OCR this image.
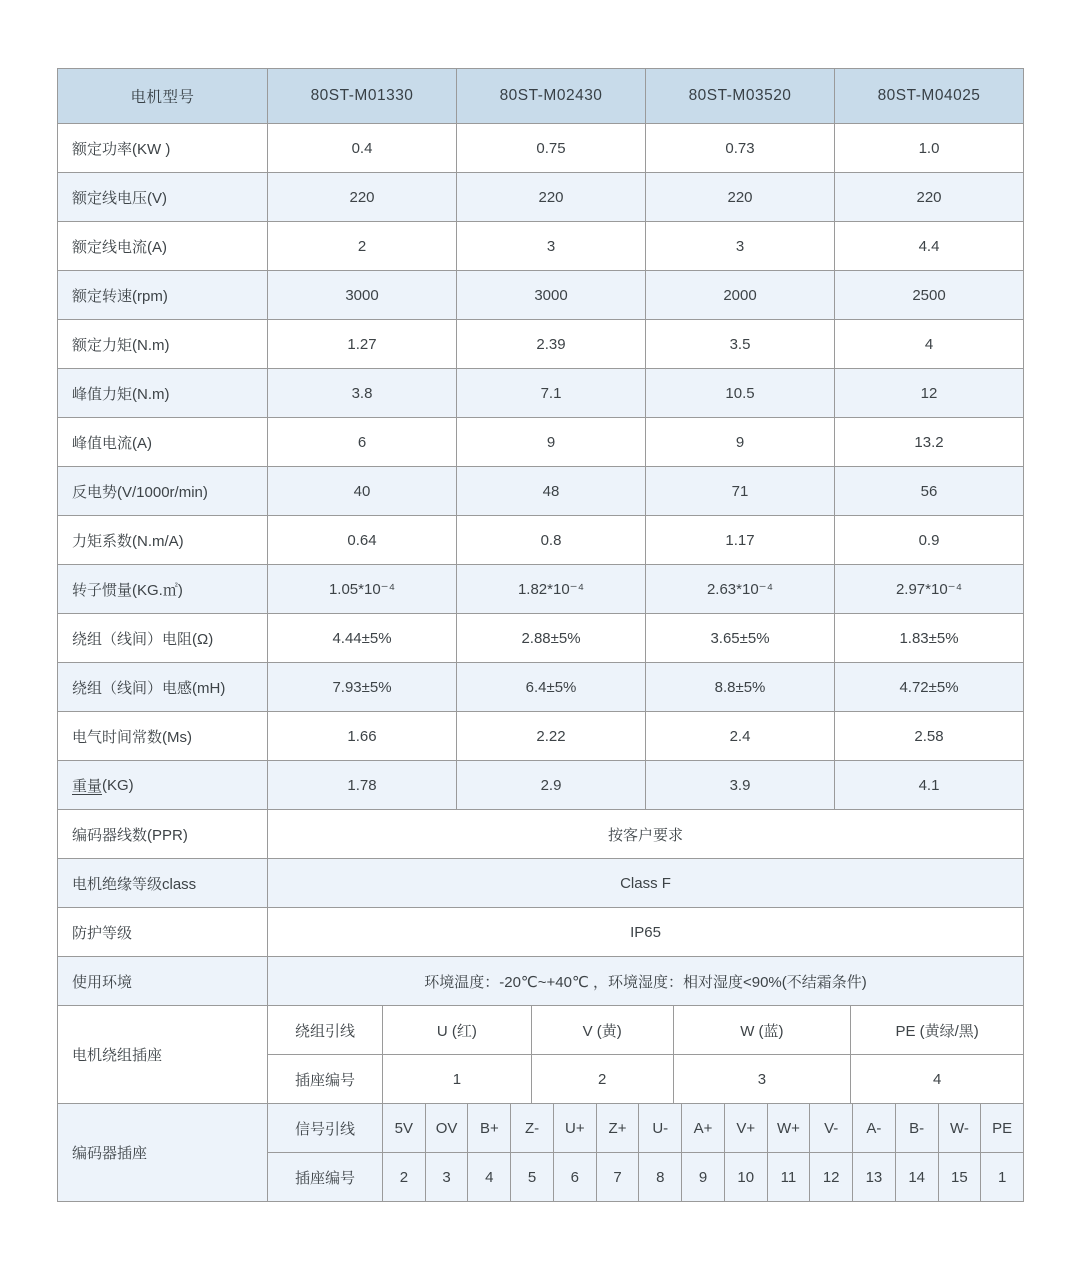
电机型号	80ST-M01330	80ST-M02430	80ST-M03520	80ST-M04025
额定功率(KW )	0.4	0.75	0.73	1.0
额定线电压(V)	220	220	220	220
额定线电流(A)	2	3	3	4.4
额定转速(rpm)	3000	3000	2000	2500
额定力矩(N.m)	1.27	2.39	3.5	4
峰值力矩(N.m)	3.8	7.1	10.5	12
峰值电流(A)	6	9	9	13.2
反电势(V/1000r/min)	40	48	71	56
力矩系数(N.m/A)	0.64	0.8	1.17	0.9
转子惯量(KG.㎡)	1.05*10⁻⁴	1.82*10⁻⁴	2.63*10⁻⁴	2.97*10⁻⁴
绕组（线间）电阻(Ω)	4.44±5%	2.88±5%	3.65±5%	1.83±5%
绕组（线间）电感(mH)	7.93±5%	6.4±5%	8.8±5%	4.72±5%
电气时间常数(Ms)	1.66	2.22	2.4	2.58
重量 (KG)	1.78	2.9	3.9	4.1
编码器线数(PPR)	按客户要求
电机绝缘等级class	Class F
防护等级	IP65
使用环境	环境温度：-20℃~+40℃ ，环境湿度：相对湿度<90%(不结霜条件)
电机绕组插座
绕组引线	U (红)	V (黄)	W (蓝)	PE (黄绿/黑)
插座编号	1	2	3	4
编码器插座
信号引线	5V	OV	B+	Z-	U+	Z+	U-	A+	V+	W+	V-	A-	B-	W-	PE
插座编号	2	3	4	5	6	7	8	9	10	11	12	13	14	15	1
